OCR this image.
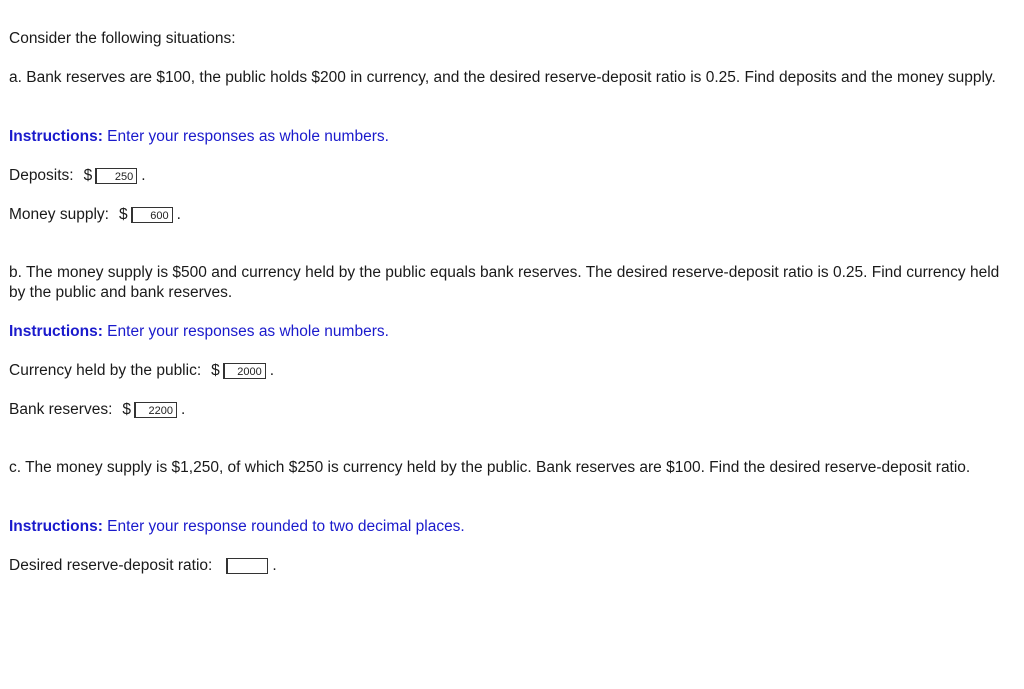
Consider the following situations:
a. Bank reserves are $100, the public holds $200 in currency, and the desired reserve-deposit ratio is 0.25. Find deposits and the money supply.
Instructions: Enter your responses as whole numbers.
Deposits: $	250 .
Money supply: $	600 .
b. The money supply is $500 and currency held by the public equals bank reserves. The desired reserve-deposit ratio is 0.25. Find currency held by the public and bank reserves.
Instructions: Enter your responses as whole numbers.
Currency held by the public: $	2000 .
Bank reserves: $	2200 .
c. The money supply is $1,250, of which $250 is currency held by the public. Bank reserves are $100. Find the desired reserve-deposit ratio.
Instructions: Enter your response rounded to two decimal places.
Desired reserve-deposit ratio:	.
